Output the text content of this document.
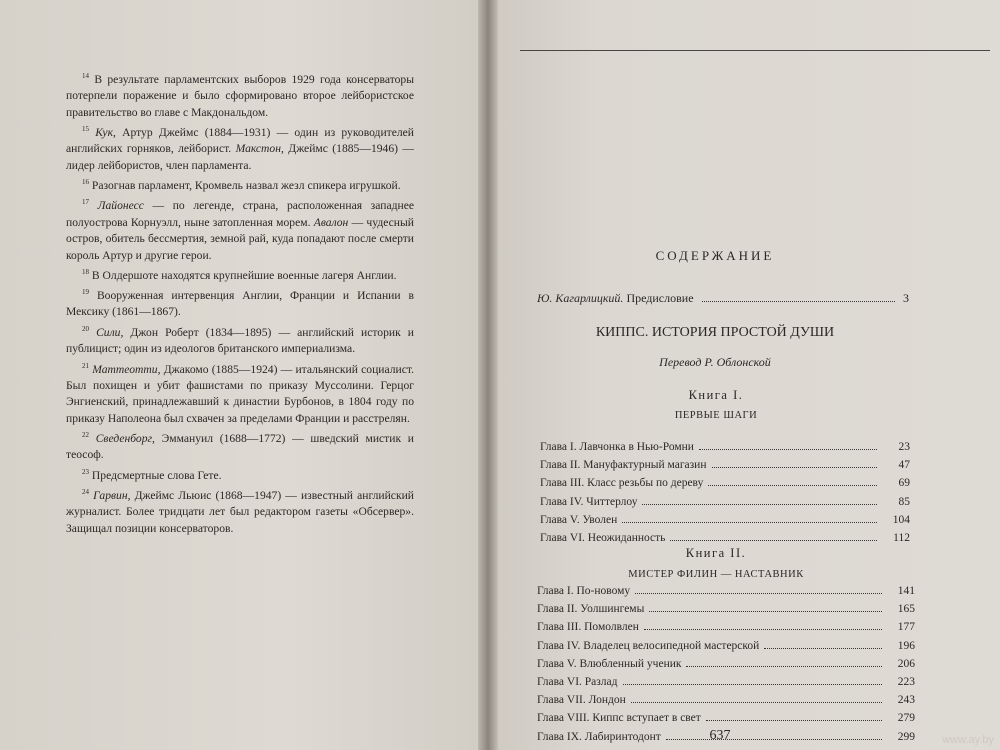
$^{14}$ В результате парламентских выборов 1929 года консерваторы потерпели поражение и было сформировано второе лейбористское правительство во главе с Макдональдом.

$^{15}$ Кук, Артур Джеймс (1884—1931) — один из руководителей английских горняков, лейборист. Макстон, Джеймс (1885—1946) — лидер лейбористов, член парламента.

$^{16}$ Разогнав парламент, Кромвель назвал жезл спикера игрушкой.

$^{17}$ Лайонесс — по легенде, страна, расположенная западнее полуострова Корнуэлл, ныне затопленная морем. Авалон — чудесный остров, обитель бессмертия, земной рай, куда попадают после смерти король Артур и другие герои.

$^{18}$ В Олдершоте находятся крупнейшие военные лагеря Англии.

$^{19}$ Вооруженная интервенция Англии, Франции и Испании в Мексику (1861—1867).

$^{20}$ Сили, Джон Роберт (1834—1895) — английский историк и публицист; один из идеологов британского империализма.

$^{21}$ Маттеотти, Джакомо (1885—1924) — итальянский социалист. Был похищен и убит фашистами по приказу Муссолини. Герцог Энгиенский, принадлежавший к династии Бурбонов, в 1804 году по приказу Наполеона был схвачен за пределами Франции и расстрелян.

$^{22}$ Сведенборг, Эммануил (1688—1772) — шведский мистик и теософ.

$^{23}$ Предсмертные слова Гете.

$^{24}$ Гарвин, Джеймс Льюис (1868—1947) — известный английский журналист. Более тридцати лет был редактором газеты «Обсервер». Защищал позиции консерваторов.

СОДЕРЖАНИЕ
Ю. Кагарлицкий.
Предисловие	3
КИППС. ИСТОРИЯ ПРОСТОЙ ДУШИ
Перевод Р. Облонской
Книга I.
ПЕРВЫЕ ШАГИ
Глава I. Лавчонка в Нью-Ромни	23
Глава II. Мануфактурный магазин	47
Глава III. Класс резьбы по дереву	69
Глава IV. Читтерлоу	85
Глава V. Уволен	104
Глава VI. Неожиданность	112
Книга II.
МИСТЕР ФИЛИН — НАСТАВНИК
Глава I. По-новому	141
Глава II. Уолшингемы	165
Глава III. Помолвлен	177
Глава IV. Владелец велосипедной мастерской	196
Глава V. Влюбленный ученик	206
Глава VI. Разлад	223
Глава VII. Лондон	243
Глава VIII. Киппс вступает в свет	279
Глава IX. Лабиринтодонт	299
637	www.ay.by
